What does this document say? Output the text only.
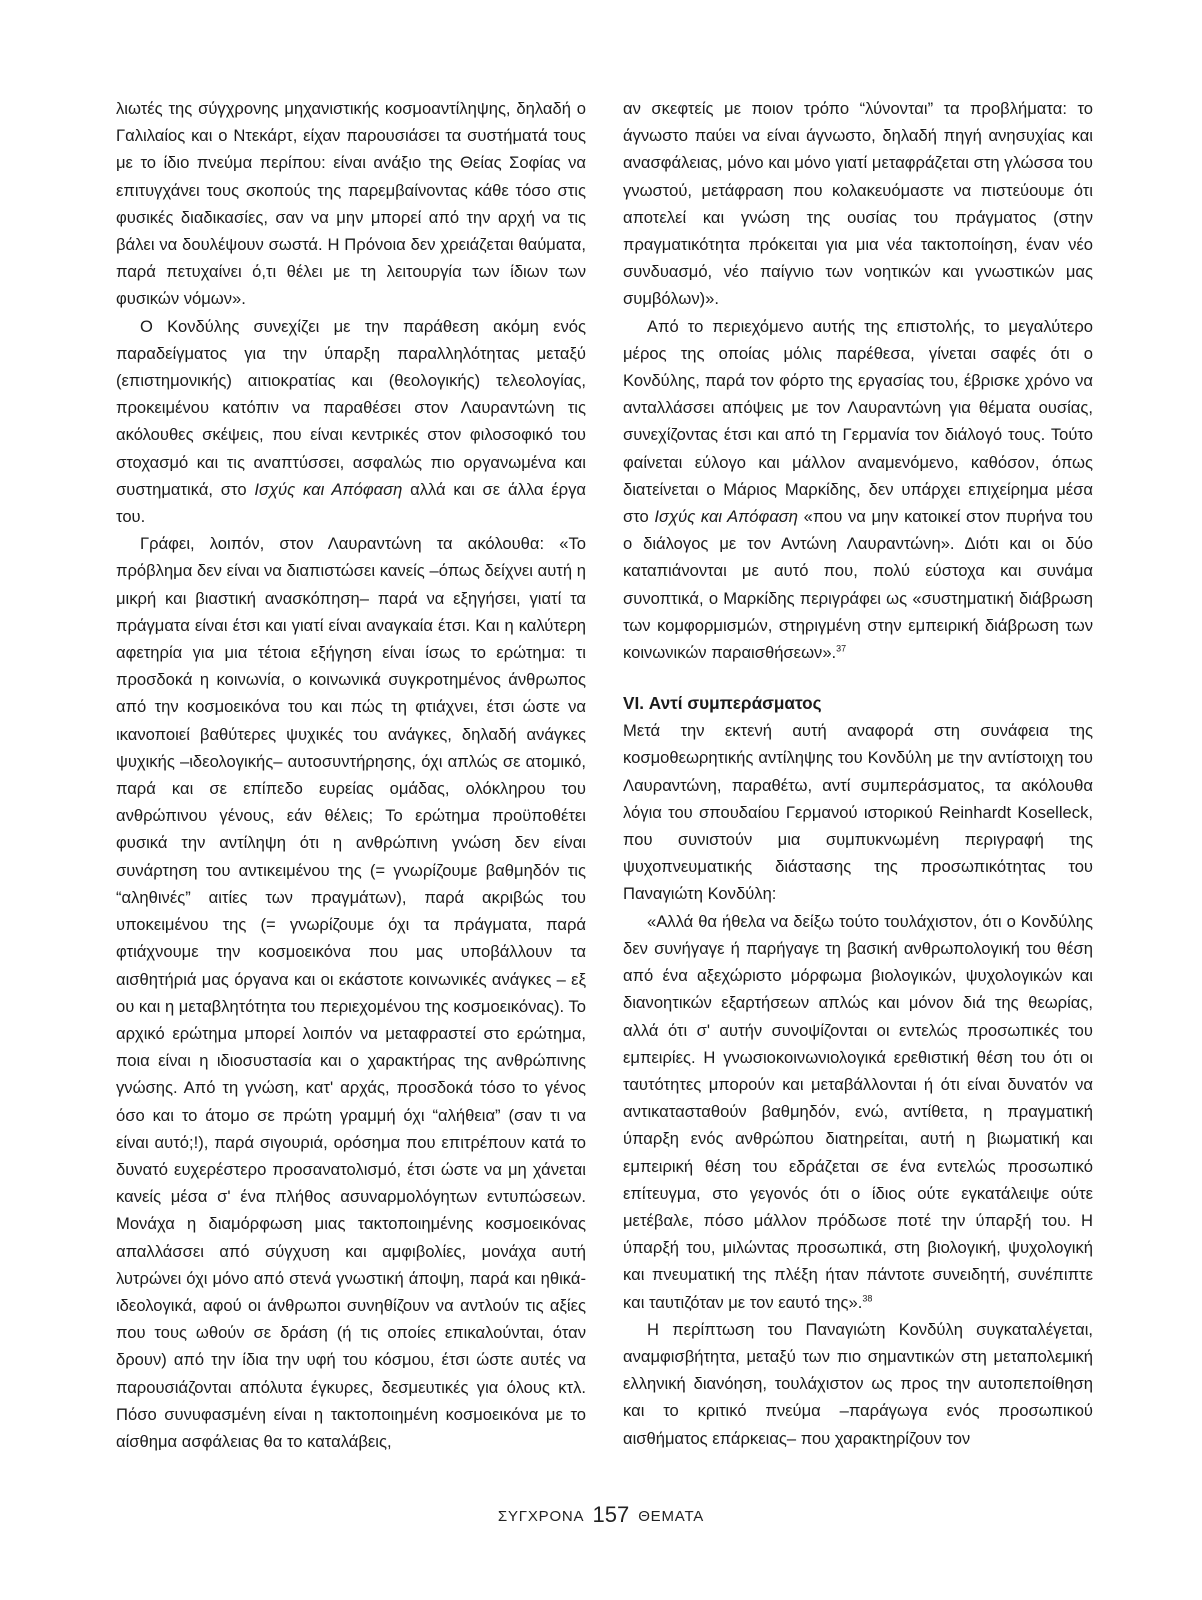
λιωτές της σύγχρονης μηχανιστικής κοσμοαντίληψης, δηλαδή ο Γαλιλαίος και ο Ντεκάρτ, είχαν παρουσιάσει τα συστήματά τους με το ίδιο πνεύμα περίπου: είναι ανάξιο της Θείας Σοφίας να επιτυγχάνει τους σκοπούς της παρεμβαίνοντας κάθε τόσο στις φυσικές διαδικασίες, σαν να μην μπορεί από την αρχή να τις βάλει να δουλέψουν σωστά. Η Πρόνοια δεν χρειάζεται θαύματα, παρά πετυχαίνει ό,τι θέλει με τη λειτουργία των ίδιων των φυσικών νόμων».

Ο Κονδύλης συνεχίζει με την παράθεση ακόμη ενός παραδείγματος για την ύπαρξη παραλληλότητας μεταξύ (επιστημονικής) αιτιοκρατίας και (θεολογικής) τελεολογίας, προκειμένου κατόπιν να παραθέσει στον Λαυραντώνη τις ακόλουθες σκέψεις, που είναι κεντρικές στον φιλοσοφικό του στοχασμό και τις αναπτύσσει, ασφαλώς πιο οργανωμένα και συστηματικά, στο Ισχύς και Απόφαση αλλά και σε άλλα έργα του.

Γράφει, λοιπόν, στον Λαυραντώνη τα ακόλουθα: «Το πρόβλημα δεν είναι να διαπιστώσει κανείς –όπως δείχνει αυτή η μικρή και βιαστική ανασκόπηση– παρά να εξηγήσει, γιατί τα πράγματα είναι έτσι και γιατί είναι αναγκαία έτσι. Και η καλύτερη αφετηρία για μια τέτοια εξήγηση είναι ίσως το ερώτημα: τι προσδοκά η κοινωνία, ο κοινωνικά συγκροτημένος άνθρωπος από την κοσμοεικόνα του και πώς τη φτιάχνει, έτσι ώστε να ικανοποιεί βαθύτερες ψυχικές του ανάγκες, δηλαδή ανάγκες ψυχικής –ιδεολογικής– αυτοσυντήρησης, όχι απλώς σε ατομικό, παρά και σε επίπεδο ευρείας ομάδας, ολόκληρου του ανθρώπινου γένους, εάν θέλεις; Το ερώτημα προϋποθέτει φυσικά την αντίληψη ότι η ανθρώπινη γνώση δεν είναι συνάρτηση του αντικειμένου της (= γνωρίζουμε βαθμηδόν τις “αληθινές” αιτίες των πραγμάτων), παρά ακριβώς του υποκειμένου της (= γνωρίζουμε όχι τα πράγματα, παρά φτιάχνουμε την κοσμοεικόνα που μας υποβάλλουν τα αισθητήριά μας όργανα και οι εκάστοτε κοινωνικές ανάγκες – εξ ου και η μεταβλητότητα του περιεχομένου της κοσμοεικόνας). Το αρχικό ερώτημα μπορεί λοιπόν να μεταφραστεί στο ερώτημα, ποια είναι η ιδιοσυστασία και ο χαρακτήρας της ανθρώπινης γνώσης. Από τη γνώση, κατ' αρχάς, προσδοκά τόσο το γένος όσο και το άτομο σε πρώτη γραμμή όχι “αλήθεια” (σαν τι να είναι αυτό;!), παρά σιγουριά, ορόσημα που επιτρέπουν κατά το δυνατό ευχερέστερο προσανατολισμό, έτσι ώστε να μη χάνεται κανείς μέσα σ' ένα πλήθος ασυναρμολόγητων εντυπώσεων. Μονάχα η διαμόρφωση μιας τακτοποιημένης κοσμοεικόνας απαλλάσσει από σύγχυση και αμφιβολίες, μονάχα αυτή λυτρώνει όχι μόνο από στενά γνωστική άποψη, παρά και ηθικά-ιδεολογικά, αφού οι άνθρωποι συνηθίζουν να αντλούν τις αξίες που τους ωθούν σε δράση (ή τις οποίες επικαλούνται, όταν δρουν) από την ίδια την υφή του κόσμου, έτσι ώστε αυτές να παρουσιάζονται απόλυτα έγκυρες, δεσμευτικές για όλους κτλ. Πόσο συνυφασμένη είναι η τακτοποιημένη κοσμοεικόνα με το αίσθημα ασφάλειας θα το καταλάβεις,

αν σκεφτείς με ποιον τρόπο “λύνονται” τα προβλήματα: το άγνωστο παύει να είναι άγνωστο, δηλαδή πηγή ανησυχίας και ανασφάλειας, μόνο και μόνο γιατί μεταφράζεται στη γλώσσα του γνωστού, μετάφραση που κολακευόμαστε να πιστεύουμε ότι αποτελεί και γνώση της ουσίας του πράγματος (στην πραγματικότητα πρόκειται για μια νέα τακτοποίηση, έναν νέο συνδυασμό, νέο παίγνιο των νοητικών και γνωστικών μας συμβόλων)».

Από το περιεχόμενο αυτής της επιστολής, το μεγαλύτερο μέρος της οποίας μόλις παρέθεσα, γίνεται σαφές ότι ο Κονδύλης, παρά τον φόρτο της εργασίας του, έβρισκε χρόνο να ανταλλάσσει απόψεις με τον Λαυραντώνη για θέματα ουσίας, συνεχίζοντας έτσι και από τη Γερμανία τον διάλογό τους. Τούτο φαίνεται εύλογο και μάλλον αναμενόμενο, καθόσον, όπως διατείνεται ο Μάριος Μαρκίδης, δεν υπάρχει επιχείρημα μέσα στο Ισχύς και Απόφαση «που να μην κατοικεί στον πυρήνα του ο διάλογος με τον Αντώνη Λαυραντώνη». Διότι και οι δύο καταπιάνονται με αυτό που, πολύ εύστοχα και συνάμα συνοπτικά, ο Μαρκίδης περιγράφει ως «συστηματική διάβρωση των κομφορμισμών, στηριγμένη στην εμπειρική διάβρωση των κοινωνικών παραισθήσεων».$^{37}$

VI. Αντί συμπεράσματος

Μετά την εκτενή αυτή αναφορά στη συνάφεια της κοσμοθεωρητικής αντίληψης του Κονδύλη με την αντίστοιχη του Λαυραντώνη, παραθέτω, αντί συμπεράσματος, τα ακόλουθα λόγια του σπουδαίου Γερμανού ιστορικού Reinhardt Koselleck, που συνιστούν μια συμπυκνωμένη περιγραφή της ψυχοπνευματικής διάστασης της προσωπικότητας του Παναγιώτη Κονδύλη:

«Αλλά θα ήθελα να δείξω τούτο τουλάχιστον, ότι ο Κονδύλης δεν συνήγαγε ή παρήγαγε τη βασική ανθρωπολογική του θέση από ένα αξεχώριστο μόρφωμα βιολογικών, ψυχολογικών και διανοητικών εξαρτήσεων απλώς και μόνον διά της θεωρίας, αλλά ότι σ' αυτήν συνοψίζονται οι εντελώς προσωπικές του εμπειρίες. Η γνωσιοκοινωνιολογικά ερεθιστική θέση του ότι οι ταυτότητες μπορούν και μεταβάλλονται ή ότι είναι δυνατόν να αντικατασταθούν βαθμηδόν, ενώ, αντίθετα, η πραγματική ύπαρξη ενός ανθρώπου διατηρείται, αυτή η βιωματική και εμπειρική θέση του εδράζεται σε ένα εντελώς προσωπικό επίτευγμα, στο γεγονός ότι ο ίδιος ούτε εγκατάλειψε ούτε μετέβαλε, πόσο μάλλον πρόδωσε ποτέ την ύπαρξή του. Η ύπαρξή του, μιλώντας προσωπικά, στη βιολογική, ψυχολογική και πνευματική της πλέξη ήταν πάντοτε συνειδητή, συνέπιπτε και ταυτιζόταν με τον εαυτό της».$^{38}$

Η περίπτωση του Παναγιώτη Κονδύλη συγκαταλέγεται, αναμφισβήτητα, μεταξύ των πιο σημαντικών στη μεταπολεμική ελληνική διανόηση, τουλάχιστον ως προς την αυτοπεποίθηση και το κριτικό πνεύμα –παράγωγα ενός προσωπικού αισθήματος επάρκειας– που χαρακτηρίζουν τον

ΣΥΓΧΡΟΝΑ 157 ΘΕΜΑΤΑ
